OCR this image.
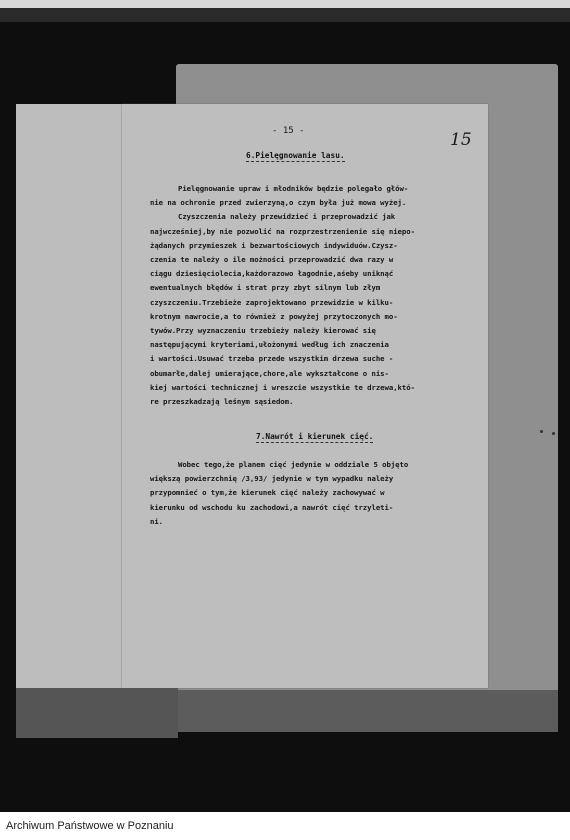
- 15 -	15
6.Pielęgnowanie lasu.
Pielęgnowanie upraw i młodników będzie polegało głów-
nie na ochronie przed zwierzyną,o czym była już mowa wyżej.
Czyszczenia należy przewidzieć i przeprowadzić jak
najwcześniej,by nie pozwolić na rozprzestrzenienie się niepo-
żądanych przymieszek i bezwartościowych indywiduów.Czysz-
czenia te należy o ile możności przeprowadzić dwa razy w
ciągu dziesięciolecia,każdorazowo łagodnie,aśeby uniknąć
ewentualnych błędów i strat przy zbyt silnym lub złym
czyszczeniu.Trzebieże zaprojektowano przewidzie w kilku-
krotnym nawrocie,a to również z powyżej przytoczonych mo-
tywów.Przy wyznaczeniu trzebieży należy kierować się
następującymi kryteriami,ułożonymi według ich znaczenia
i wartości.Usuwać trzeba przede wszystkim drzewa suche -
obumarłe,dalej umierające,chore,ale wykształcone o nis-
kiej wartości technicznej i wreszcie wszystkie te drzewa,któ-
re przeszkadzają leśnym sąsiedom.
7.Nawrót i kierunek cięć.
Wobec tego,że planem cięć jedynie w oddziale 5 objęto
większą powierzchnię /3,93/ jedynie w tym wypadku należy
przypomnieć o tym,że kierunek cięć należy zachowywać w
kierunku od wschodu ku zachodowi,a nawrót cięć trzyleti-
ni.
Archiwum Państwowe w Poznaniu
